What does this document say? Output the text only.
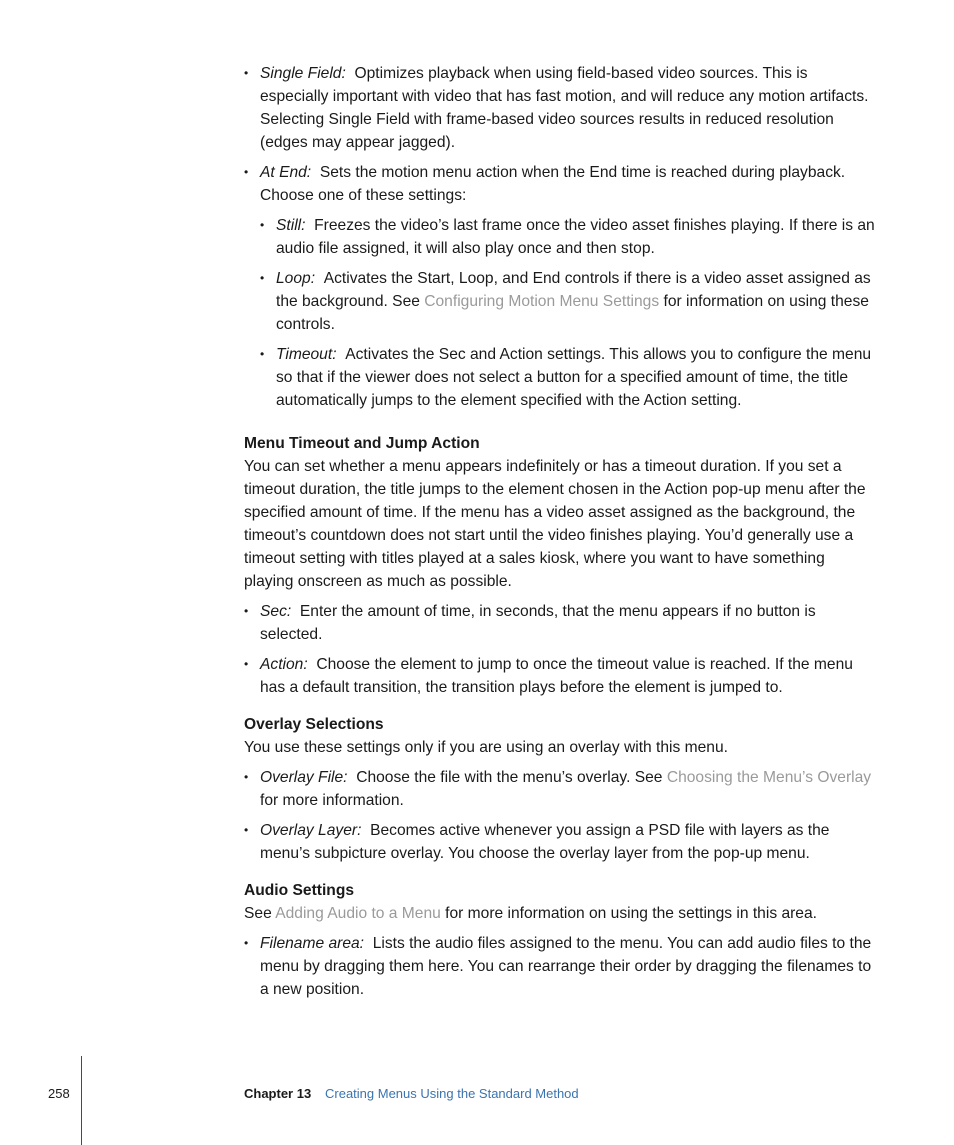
• Single Field: Optimizes playback when using field-based video sources. This is especially important with video that has fast motion, and will reduce any motion artifacts. Selecting Single Field with frame-based video sources results in reduced resolution (edges may appear jagged).
• At End: Sets the motion menu action when the End time is reached during playback. Choose one of these settings:
• Still: Freezes the video’s last frame once the video asset finishes playing. If there is an audio file assigned, it will also play once and then stop.
• Loop: Activates the Start, Loop, and End controls if there is a video asset assigned as the background. See Configuring Motion Menu Settings for information on using these controls.
• Timeout: Activates the Sec and Action settings. This allows you to configure the menu so that if the viewer does not select a button for a specified amount of time, the title automatically jumps to the element specified with the Action setting.
Menu Timeout and Jump Action

You can set whether a menu appears indefinitely or has a timeout duration. If you set a timeout duration, the title jumps to the element chosen in the Action pop-up menu after the specified amount of time. If the menu has a video asset assigned as the background, the timeout’s countdown does not start until the video finishes playing. You’d generally use a timeout setting with titles played at a sales kiosk, where you want to have something playing onscreen as much as possible.

• Sec: Enter the amount of time, in seconds, that the menu appears if no button is selected.
• Action: Choose the element to jump to once the timeout value is reached. If the menu has a default transition, the transition plays before the element is jumped to.
Overlay Selections

You use these settings only if you are using an overlay with this menu.

• Overlay File: Choose the file with the menu’s overlay. See Choosing the Menu’s Overlay for more information.
• Overlay Layer: Becomes active whenever you assign a PSD file with layers as the menu’s subpicture overlay. You choose the overlay layer from the pop-up menu.
Audio Settings

See Adding Audio to a Menu for more information on using the settings in this area.

• Filename area: Lists the audio files assigned to the menu. You can add audio files to the menu by dragging them here. You can rearrange their order by dragging the filenames to a new position.
258	Chapter 13 Creating Menus Using the Standard Method
